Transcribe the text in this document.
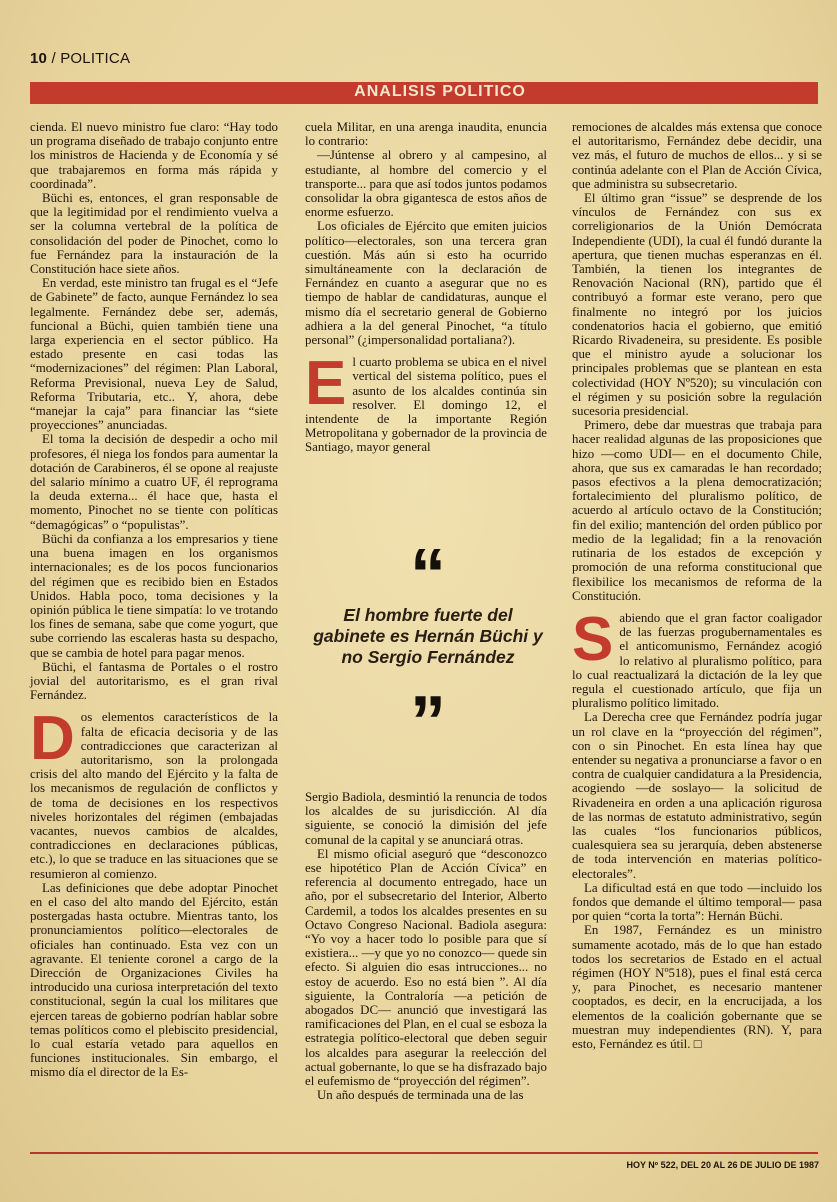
10 / POLITICA
ANALISIS POLITICO

cienda. El nuevo ministro fue claro: “Hay todo un programa diseñado de trabajo conjunto entre los ministros de Hacienda y de Economía y sé que trabajaremos en forma más rápida y coordinada”.

Büchi es, entonces, el gran responsable de que la legitimidad por el rendimiento vuelva a ser la columna vertebral de la política de consolidación del poder de Pinochet, como lo fue Fernández para la instauración de la Constitución hace siete años.

En verdad, este ministro tan frugal es el “Jefe de Gabinete” de facto, aunque Fernández lo sea legalmente. Fernández debe ser, además, funcional a Büchi, quien también tiene una larga experiencia en el sector público. Ha estado presente en casi todas las “modernizaciones” del régimen: Plan Laboral, Reforma Previsional, nueva Ley de Salud, Reforma Tributaria, etc.. Y, ahora, debe “manejar la caja” para financiar las “siete proyecciones” anunciadas.

El toma la decisión de despedir a ocho mil profesores, él niega los fondos para aumentar la dotación de Carabineros, él se opone al reajuste del salario mínimo a cuatro UF, él reprograma la deuda externa... él hace que, hasta el momento, Pinochet no se tiente con políticas “demagógicas” o “populistas”.

Büchi da confianza a los empresarios y tiene una buena imagen en los organismos internacionales; es de los pocos funcionarios del régimen que es recibido bien en Estados Unidos. Habla poco, toma decisiones y la opinión pública le tiene simpatía: lo ve trotando los fines de semana, sabe que come yogurt, que sube corriendo las escaleras hasta su despacho, que se cambia de hotel para pagar menos.

Büchi, el fantasma de Portales o el rostro jovial del autoritarismo, es el gran rival Fernández.

D os elementos característicos de la falta de eficacia decisoria y de las contradicciones que caracterizan al autoritarismo, son la prolongada crisis del alto mando del Ejército y la falta de los mecanismos de regulación de conflictos y de toma de decisiones en los respectivos niveles horizontales del régimen (embajadas vacantes, nuevos cambios de alcaldes, contradicciones en declaraciones públicas, etc.), lo que se traduce en las situaciones que se resumieron al comienzo.

Las definiciones que debe adoptar Pinochet en el caso del alto mando del Ejército, están postergadas hasta octubre. Mientras tanto, los pronunciamientos político—electorales de oficiales han continuado. Esta vez con un agravante. El teniente coronel a cargo de la Dirección de Organizaciones Civiles ha introducido una curiosa interpretación del texto constitucional, según la cual los militares que ejercen tareas de gobierno podrían hablar sobre temas políticos como el plebiscito presidencial, lo cual estaría vetado para aquellos en funciones institucionales. Sin embargo, el mismo día el director de la Es-

cuela Militar, en una arenga inaudita, enuncia lo contrario:

—Júntense al obrero y al campesino, al estudiante, al hombre del comercio y el transporte... para que así todos juntos podamos consolidar la obra gigantesca de estos años de enorme esfuerzo.

Los oficiales de Ejército que emiten juicios político—electorales, son una tercera gran cuestión. Más aún si esto ha ocurrido simultáneamente con la declaración de Fernández en cuanto a asegurar que no es tiempo de hablar de candidaturas, aunque el mismo día el secretario general de Gobierno adhiera a la del general Pinochet, “a título personal” (¿impersonalidad portaliana?).

E l cuarto problema se ubica en el nivel vertical del sistema político, pues el asunto de los alcaldes continúa sin resolver. El domingo 12, el intendente de la importante Región Metropolitana y gobernador de la provincia de Santiago, mayor general

“
El hombre fuerte del gabinete es Hernán Büchi y no Sergio Fernández
”

Sergio Badiola, desmintió la renuncia de todos los alcaldes de su jurisdicción. Al día siguiente, se conoció la dimisión del jefe comunal de la capital y se anunciará otras.

El mismo oficial aseguró que “desconozco ese hipotético Plan de Acción Cívica” en referencia al documento entregado, hace un año, por el subsecretario del Interior, Alberto Cardemil, a todos los alcaldes presentes en su Octavo Congreso Nacional. Badiola asegura: “Yo voy a hacer todo lo posible para que sí existiera... —y que yo no conozco— quede sin efecto. Si alguien dio esas intrucciones... no estoy de acuerdo. Eso no está bien ”. Al día siguiente, la Contraloría —a petición de abogados DC— anunció que investigará las ramificaciones del Plan, en el cual se esboza la estrategia político-electoral que deben seguir los alcaldes para asegurar la reelección del actual gobernante, lo que se ha disfrazado bajo el eufemismo de “proyección del régimen”.

Un año después de terminada una de las

remociones de alcaldes más extensa que conoce el autoritarismo, Fernández debe decidir, una vez más, el futuro de muchos de ellos... y si se continúa adelante con el Plan de Acción Cívica, que administra su subsecretario.

El último gran “issue” se desprende de los vínculos de Fernández con sus ex correligionarios de la Unión Demócrata Independiente (UDI), la cual él fundó durante la apertura, que tienen muchas esperanzas en él. También, la tienen los integrantes de Renovación Nacional (RN), partido que él contribuyó a formar este verano, pero que finalmente no integró por los juicios condenatorios hacia el gobierno, que emitió Ricardo Rivadeneira, su presidente. Es posible que el ministro ayude a solucionar los principales problemas que se plantean en esta colectividad (HOY Nº520); su vinculación con el régimen y su posición sobre la regulación sucesoria presidencial.

Primero, debe dar muestras que trabaja para hacer realidad algunas de las proposiciones que hizo —como UDI— en el documento Chile, ahora, que sus ex camaradas le han recordado; pasos efectivos a la plena democratización; fortalecimiento del pluralismo político, de acuerdo al artículo octavo de la Constitución; fin del exilio; mantención del orden público por medio de la legalidad; fin a la renovación rutinaria de los estados de excepción y promoción de una reforma constitucional que flexibilice los mecanismos de reforma de la Constitución.

S abiendo que el gran factor coaligador de las fuerzas progubernamentales es el anticomunismo, Fernández acogió lo relativo al pluralismo político, para lo cual reactualizará la dictación de la ley que regula el cuestionado artículo, que fija un pluralismo político limitado.

La Derecha cree que Fernández podría jugar un rol clave en la “proyección del régimen”, con o sin Pinochet. En esta línea hay que entender su negativa a pronunciarse a favor o en contra de cualquier candidatura a la Presidencia, acogiendo —de soslayo— la solicitud de Rivadeneira en orden a una aplicación rigurosa de las normas de estatuto administrativo, según las cuales “los funcionarios públicos, cualesquiera sea su jerarquía, deben abstenerse de toda intervención en materias político-electorales”.

La dificultad está en que todo —incluido los fondos que demande el último temporal— pasa por quien “corta la torta”: Hernán Büchi.

En 1987, Fernández es un ministro sumamente acotado, más de lo que han estado todos los secretarios de Estado en el actual régimen (HOY Nº518), pues el final está cerca y, para Pinochet, es necesario mantener cooptados, es decir, en la encrucijada, a los elementos de la coalición gobernante que se muestran muy independientes (RN). Y, para esto, Fernández es útil. □

HOY Nº 522, DEL 20 AL 26 DE JULIO DE 1987
